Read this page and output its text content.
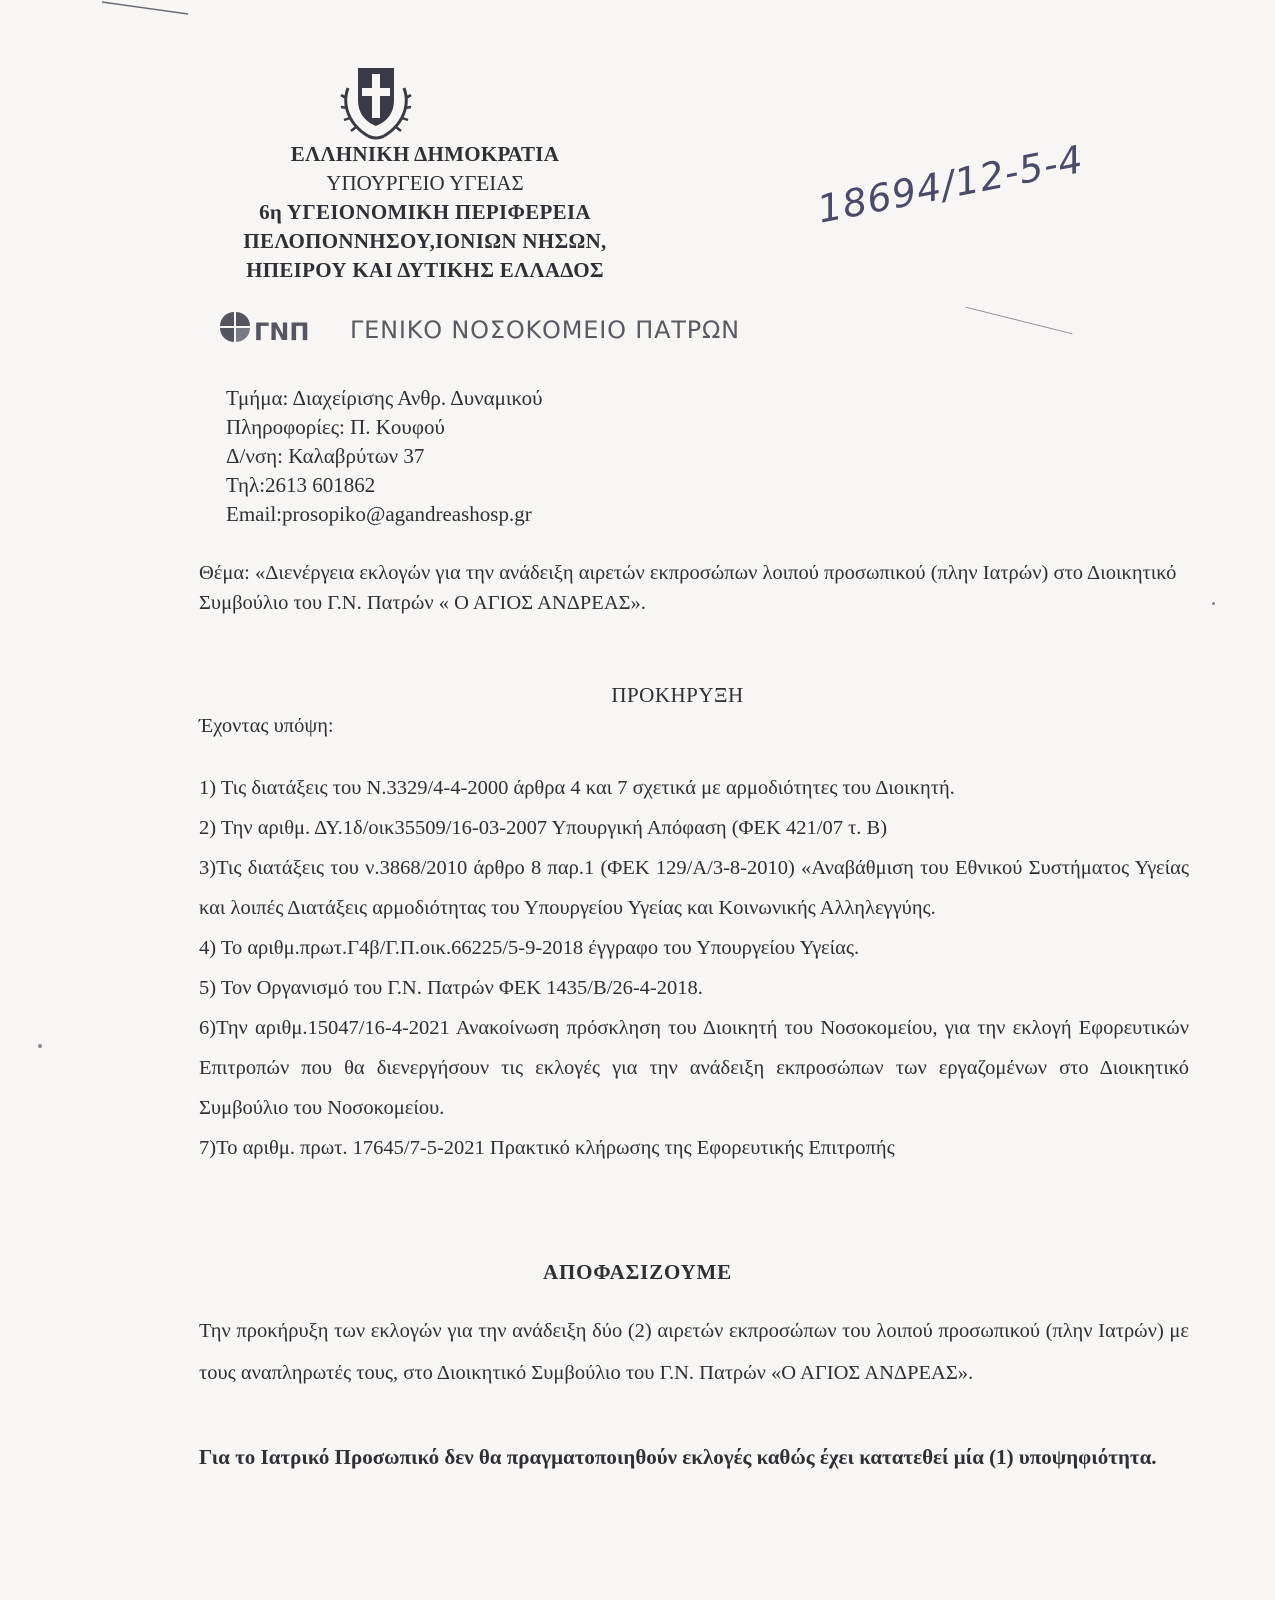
ΕΛΛΗΝΙΚΗ ΔΗΜΟΚΡΑΤΙΑ
ΥΠΟΥΡΓΕΙΟ ΥΓΕΙΑΣ
6η ΥΓΕΙΟΝΟΜΙΚΗ ΠΕΡΙΦΕΡΕΙΑ
ΠΕΛΟΠΟΝΝΗΣΟΥ,ΙΟΝΙΩΝ ΝΗΣΩΝ,
ΗΠΕΙΡΟΥ ΚΑΙ ΔΥΤΙΚΗΣ ΕΛΛΑΔΟΣ
18694/12-5-4
ΓΝΠ ΓΕΝΙΚΟ ΝΟΣΟΚΟΜΕΙΟ ΠΑΤΡΩΝ
Τμήμα: Διαχείρισης Ανθρ. Δυναμικού
Πληροφορίες: Π. Κουφού
Δ/νση: Καλαβρύτων 37
Τηλ:2613 601862
Email:prosopiko@agandreashosp.gr
Θέμα: «Διενέργεια εκλογών για την ανάδειξη αιρετών εκπροσώπων λοιπού προσωπικού (πλην Ιατρών) στο Διοικητικό Συμβούλιο του Γ.Ν. Πατρών « Ο ΑΓΙΟΣ ΑΝΔΡΕΑΣ».
ΠΡΟΚΗΡΥΞΗ
Έχοντας υπόψη:
1) Τις διατάξεις του Ν.3329/4-4-2000 άρθρα 4 και 7 σχετικά με αρμοδιότητες του Διοικητή.
2) Την αριθμ. ΔΥ.1δ/οικ35509/16-03-2007 Υπουργική Απόφαση (ΦΕΚ 421/07 τ. Β)
3)Τις διατάξεις του ν.3868/2010 άρθρο 8 παρ.1 (ΦΕΚ 129/Α/3-8-2010) «Αναβάθμιση του Εθνικού Συστήματος Υγείας και λοιπές Διατάξεις αρμοδιότητας του Υπουργείου Υγείας και Κοινωνικής Αλληλεγγύης.
4) Το αριθμ.πρωτ.Γ4β/Γ.Π.οικ.66225/5-9-2018 έγγραφο του Υπουργείου Υγείας.
5) Τον Οργανισμό του Γ.Ν. Πατρών ΦΕΚ 1435/Β/26-4-2018.
6)Την αριθμ.15047/16-4-2021 Ανακοίνωση πρόσκληση του Διοικητή του Νοσοκομείου, για την εκλογή Εφορευτικών Επιτροπών που θα διενεργήσουν τις εκλογές για την ανάδειξη εκπροσώπων των εργαζομένων στο Διοικητικό Συμβούλιο του Νοσοκομείου.
7)Το αριθμ. πρωτ. 17645/7-5-2021 Πρακτικό κλήρωσης της Εφορευτικής Επιτροπής
ΑΠΟΦΑΣΙΖΟΥΜΕ
Την προκήρυξη των εκλογών για την ανάδειξη δύο (2) αιρετών εκπροσώπων του λοιπού προσωπικού (πλην Ιατρών) με τους αναπληρωτές τους, στο Διοικητικό Συμβούλιο του Γ.Ν. Πατρών «Ο ΑΓΙΟΣ ΑΝΔΡΕΑΣ».
Για το Ιατρικό Προσωπικό δεν θα πραγματοποιηθούν εκλογές καθώς έχει κατατεθεί μία (1) υποψηφιότητα.
